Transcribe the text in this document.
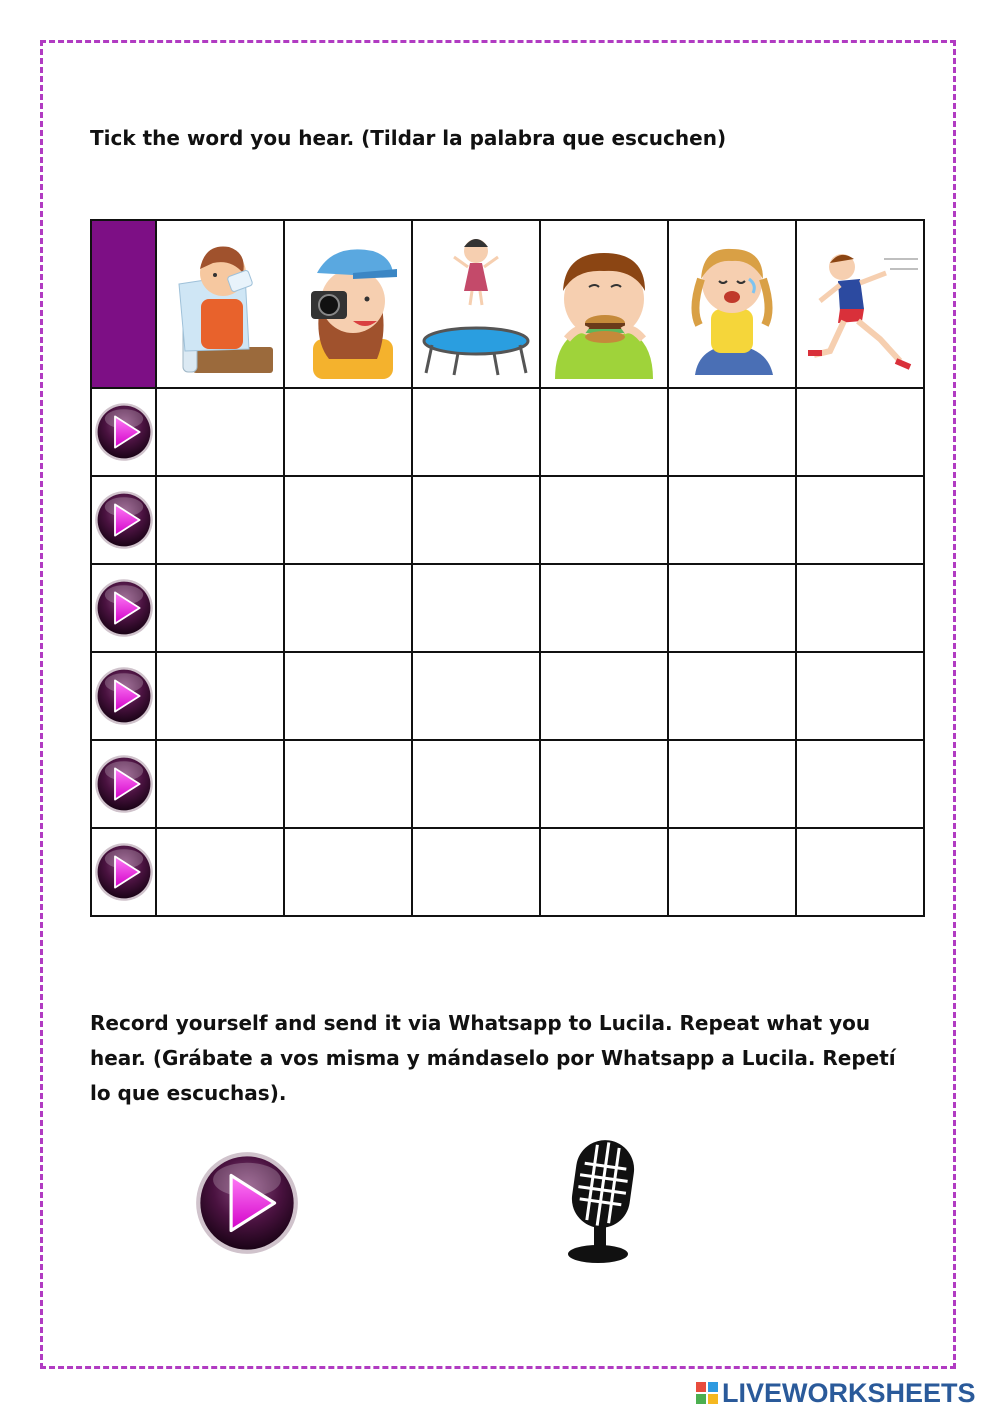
Tick the word you hear. (Tildar la palabra que escuchen)

Record yourself and send it via Whatsapp to Lucila. Repeat what you hear. (Grábate a vos misma y mándaselo por Whatsapp a Lucila. Repetí lo que escuchas).
LIVEWORKSHEETS
